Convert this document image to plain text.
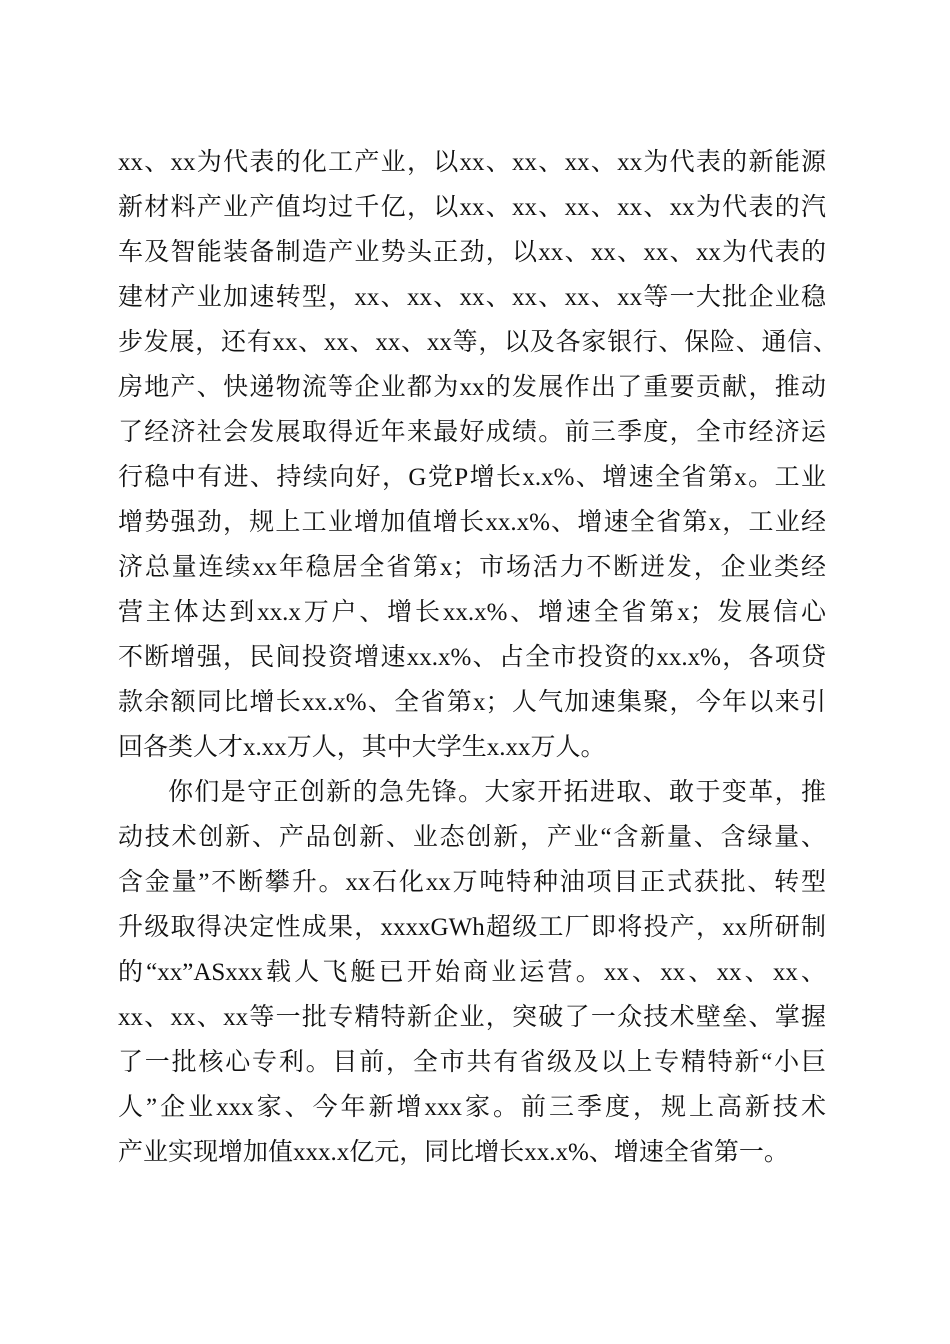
xx、xx为代表的化工产业，以xx、xx、xx、xx为代表的新能源
新材料产业产值均过千亿，以xx、xx、xx、xx、xx为代表的汽
车及智能装备制造产业势头正劲，以xx、xx、xx、xx为代表的
建材产业加速转型，xx、xx、xx、xx、xx、xx等一大批企业稳
步发展，还有xx、xx、xx、xx等，以及各家银行、保险、通信、
房地产、快递物流等企业都为xx的发展作出了重要贡献，推动
了经济社会发展取得近年来最好成绩。前三季度，全市经济运
行稳中有进、持续向好，G党P增长x.x%、增速全省第x。工业
增势强劲，规上工业增加值增长xx.x%、增速全省第x，工业经
济总量连续xx年稳居全省第x；市场活力不断迸发，企业类经
营主体达到xx.x万户、增长xx.x%、增速全省第x；发展信心
不断增强，民间投资增速xx.x%、占全市投资的xx.x%，各项贷
款余额同比增长xx.x%、全省第x；人气加速集聚，今年以来引
回各类人才x.xx万人，其中大学生x.xx万人。
你们是守正创新的急先锋。大家开拓进取、敢于变革，推
动技术创新、产品创新、业态创新，产业“含新量、含绿量、
含金量”不断攀升。xx石化xx万吨特种油项目正式获批、转型
升级取得决定性成果，xxxxGWh超级工厂即将投产，xx所研制
的“xx”ASxxx载人飞艇已开始商业运营。xx、xx、xx、xx、
xx、xx、xx等一批专精特新企业，突破了一众技术壁垒、掌握
了一批核心专利。目前，全市共有省级及以上专精特新“小巨
人”企业xxx家、今年新增xxx家。前三季度，规上高新技术
产业实现增加值xxx.x亿元，同比增长xx.x%、增速全省第一。
